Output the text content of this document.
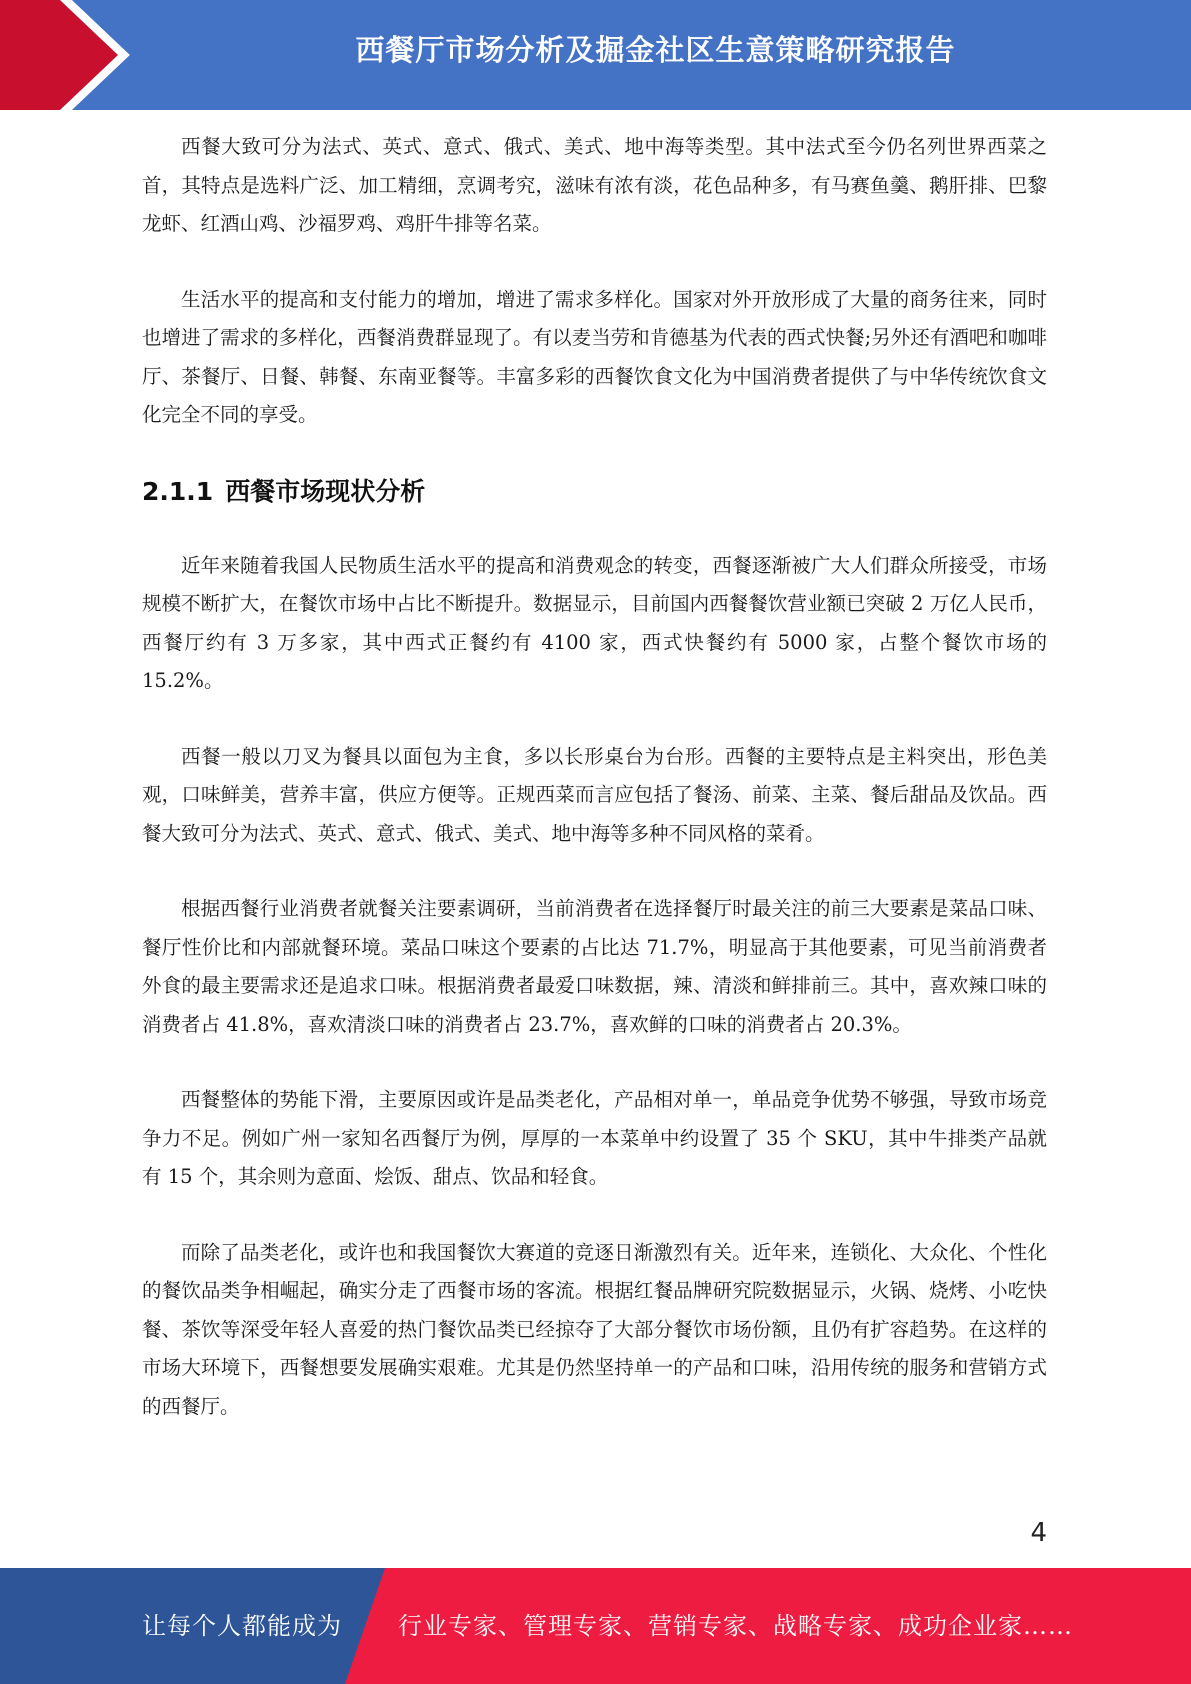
西餐厅市场分析及掘金社区生意策略研究报告

西餐大致可分为法式、英式、意式、俄式、美式、地中海等类型。其中法式至今仍名列世界西菜之首，其特点是选料广泛、加工精细，烹调考究，滋味有浓有淡，花色品种多，有马赛鱼羹、鹅肝排、巴黎龙虾、红酒山鸡、沙福罗鸡、鸡肝牛排等名菜。

生活水平的提高和支付能力的增加，增进了需求多样化。国家对外开放形成了大量的商务往来，同时也增进了需求的多样化，西餐消费群显现了。有以麦当劳和肯德基为代表的西式快餐;另外还有酒吧和咖啡厅、茶餐厅、日餐、韩餐、东南亚餐等。丰富多彩的西餐饮食文化为中国消费者提供了与中华传统饮食文化完全不同的享受。

2.1.1 西餐市场现状分析

近年来随着我国人民物质生活水平的提高和消费观念的转变，西餐逐渐被广大人们群众所接受，市场规模不断扩大，在餐饮市场中占比不断提升。数据显示，目前国内西餐餐饮营业额已突破 2 万亿人民币，西餐厅约有 3 万多家，其中西式正餐约有 4100 家，西式快餐约有 5000 家，占整个餐饮市场的 15.2%。

西餐一般以刀叉为餐具以面包为主食，多以长形桌台为台形。西餐的主要特点是主料突出，形色美观，口味鲜美，营养丰富，供应方便等。正规西菜而言应包括了餐汤、前菜、主菜、餐后甜品及饮品。西餐大致可分为法式、英式、意式、俄式、美式、地中海等多种不同风格的菜肴。

根据西餐行业消费者就餐关注要素调研，当前消费者在选择餐厅时最关注的前三大要素是菜品口味、餐厅性价比和内部就餐环境。菜品口味这个要素的占比达 71.7%，明显高于其他要素，可见当前消费者外食的最主要需求还是追求口味。根据消费者最爱口味数据，辣、清淡和鲜排前三。其中，喜欢辣口味的消费者占 41.8%，喜欢清淡口味的消费者占 23.7%，喜欢鲜的口味的消费者占 20.3%。

西餐整体的势能下滑，主要原因或许是品类老化，产品相对单一，单品竞争优势不够强，导致市场竞争力不足。例如广州一家知名西餐厅为例，厚厚的一本菜单中约设置了 35 个 SKU，其中牛排类产品就有 15 个，其余则为意面、烩饭、甜点、饮品和轻食。

而除了品类老化，或许也和我国餐饮大赛道的竞逐日渐激烈有关。近年来，连锁化、大众化、个性化的餐饮品类争相崛起，确实分走了西餐市场的客流。根据红餐品牌研究院数据显示，火锅、烧烤、小吃快餐、茶饮等深受年轻人喜爱的热门餐饮品类已经掠夺了大部分餐饮市场份额，且仍有扩容趋势。在这样的市场大环境下，西餐想要发展确实艰难。尤其是仍然坚持单一的产品和口味，沿用传统的服务和营销方式的西餐厅。

4
让每个人都能成为 行业专家、管理专家、营销专家、战略专家、成功企业家……
